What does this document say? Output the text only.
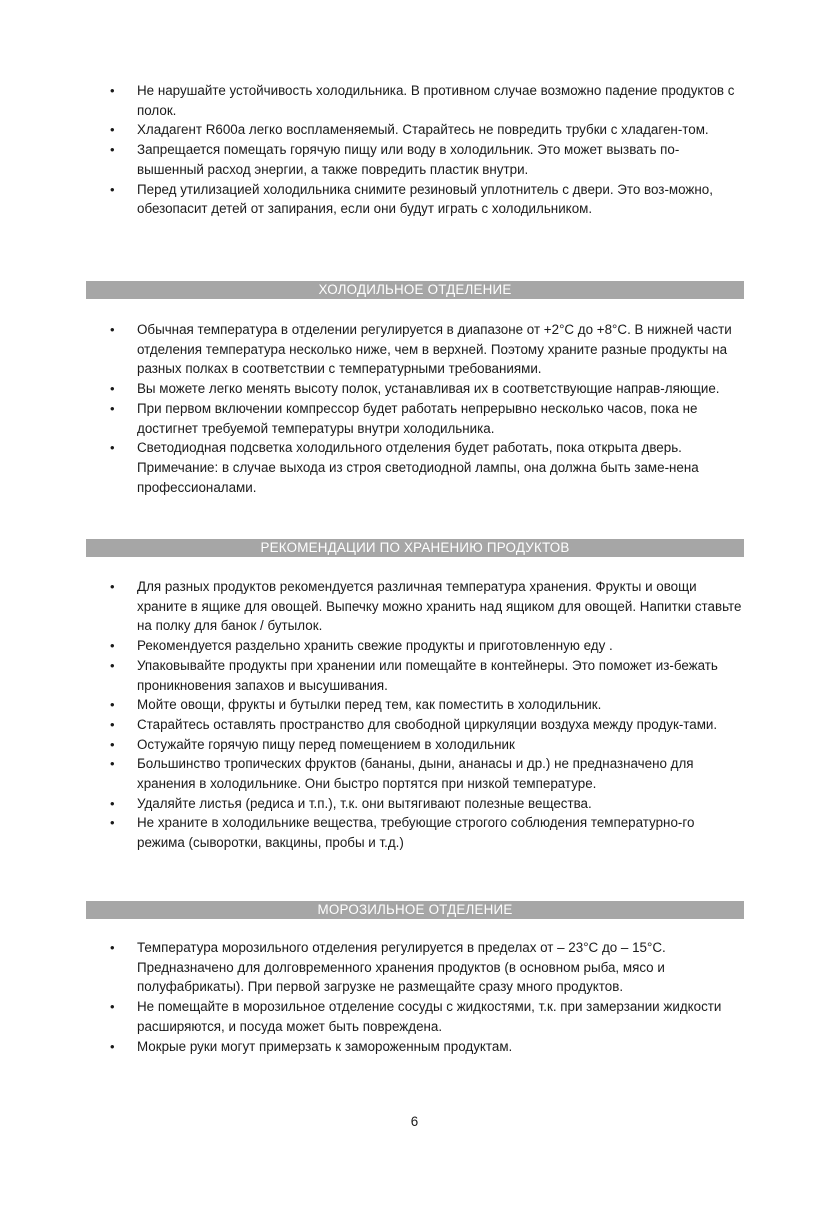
• Не нарушайте устойчивость холодильника. В противном случае возможно падение продуктов с полок.
• Хладагент R600a легко воспламеняемый. Старайтесь не повредить трубки с хладаген-том.
• Запрещается помещать горячую пищу или воду в холодильник. Это может вызвать по-вышенный расход энергии, а также повредить пластик внутри.
• Перед утилизацией холодильника снимите резиновый уплотнитель с двери. Это воз-можно, обезопасит детей от запирания, если они будут играть с холодильником.
ХОЛОДИЛЬНОЕ ОТДЕЛЕНИЕ
• Обычная температура в отделении регулируется в диапазоне от +2°C до +8°C. В нижней части отделения температура несколько ниже, чем в верхней. Поэтому храните разные продукты на разных полках в соответствии с температурными требованиями.
• Вы можете легко менять высоту полок, устанавливая их в соответствующие направ-ляющие.
• При первом включении компрессор будет работать непрерывно несколько часов, пока не достигнет требуемой температуры внутри холодильника.
• Светодиодная подсветка холодильного отделения будет работать, пока открыта дверь. Примечание: в случае выхода из строя светодиодной лампы, она должна быть заме-нена профессионалами.
РЕКОМЕНДАЦИИ ПО ХРАНЕНИЮ ПРОДУКТОВ
• Для разных продуктов рекомендуется различная температура хранения. Фрукты и овощи храните в ящике для овощей. Выпечку можно хранить над ящиком для овощей. Напитки ставьте на полку для банок / бутылок.
• Рекомендуется раздельно хранить свежие продукты и приготовленную еду .
• Упаковывайте продукты при хранении или помещайте в контейнеры. Это поможет из-бежать проникновения запахов и высушивания.
• Мойте овощи, фрукты и бутылки перед тем, как поместить в холодильник.
• Старайтесь оставлять пространство для свободной циркуляции воздуха между продук-тами.
• Остужайте горячую пищу перед помещением в холодильник
• Большинство тропических фруктов (бананы, дыни, ананасы и др.) не предназначено для хранения в холодильнике. Они быстро портятся при низкой температуре.
• Удаляйте листья (редиса и т.п.), т.к. они вытягивают полезные вещества.
• Не храните в холодильнике вещества, требующие строгого соблюдения температурно-го режима (сыворотки, вакцины, пробы и т.д.)
МОРОЗИЛЬНОЕ ОТДЕЛЕНИЕ
• Температура морозильного отделения регулируется в пределах от – 23°C до – 15°C. Предназначено для долговременного хранения продуктов (в основном рыба, мясо и полуфабрикаты). При первой загрузке не размещайте сразу много продуктов.
• Не помещайте в морозильное отделение сосуды с жидкостями, т.к. при замерзании жидкости расширяются, и посуда может быть повреждена.
• Мокрые руки могут примерзать к замороженным продуктам.
6
